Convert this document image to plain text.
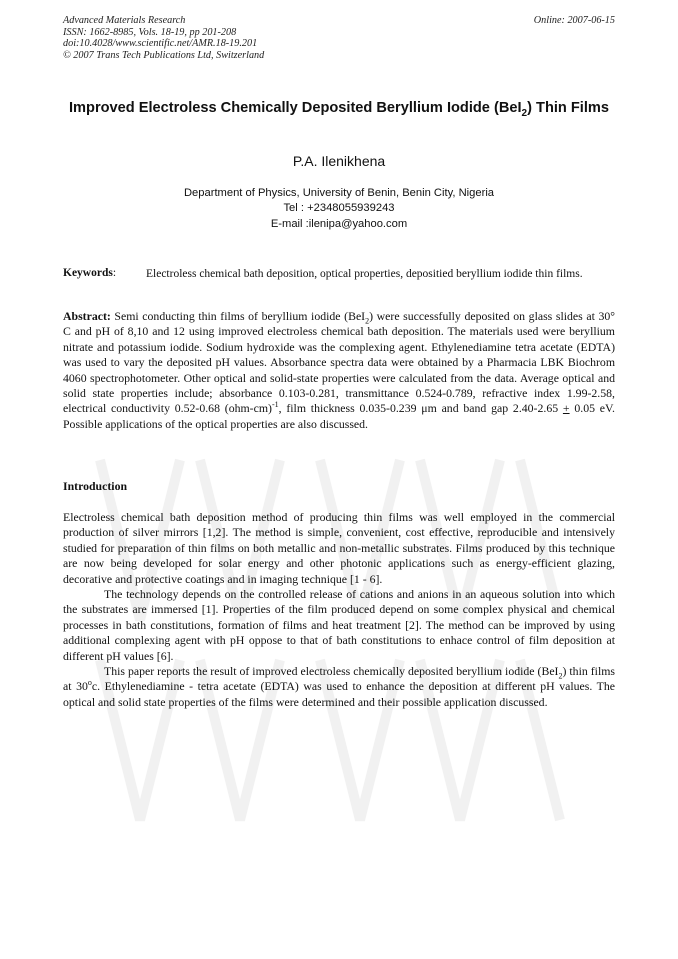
Advanced Materials Research
ISSN: 1662-8985, Vols. 18-19, pp 201-208
doi:10.4028/www.scientific.net/AMR.18-19.201
© 2007 Trans Tech Publications Ltd, Switzerland
Online: 2007-06-15
Improved Electroless Chemically Deposited Beryllium Iodide (BeI$_2$) Thin Films
P.A. Ilenikhena
Department of Physics, University of Benin, Benin City, Nigeria
Tel : +2348055939243
E-mail :ilenipa@yahoo.com
Keywords:	Electroless chemical bath deposition, optical properties, depositied beryllium iodide thin films.
Abstract: Semi conducting thin films of beryllium iodide (BeI$_2$) were successfully deposited on glass slides at 30° C and pH of 8,10 and 12 using improved electroless chemical bath deposition. The materials used were beryllium nitrate and potassium iodide. Sodium hydroxide was the complexing agent. Ethylenediamine tetra acetate (EDTA) was used to vary the deposited pH values. Absorbance spectra data were obtained by a Pharmacia LBK Biochrom 4060 spectrophotometer. Other optical and solid-state properties were calculated from the data. Average optical and solid state properties include; absorbance 0.103-0.281, transmittance 0.524-0.789, refractive index 1.99-2.58, electrical conductivity 0.52-0.68 $(ohm-cm)^{-1}$, film thickness 0.035-0.239 μm and band gap 2.40-2.65 + 0.05 eV. Possible applications of the optical properties are also discussed.
Introduction

Electroless chemical bath deposition method of producing thin films was well employed in the commercial production of silver mirrors [1,2]. The method is simple, convenient, cost effective, reproducible and intensively studied for preparation of thin films on both metallic and non-metallic substrates. Films produced by this technique are now being developed for solar energy and other photonic applications such as energy-efficient glazing, decorative and protective coatings and in imaging technique [1 - 6].

The technology depends on the controlled release of cations and anions in an aqueous solution into which the substrates are immersed [1]. Properties of the film produced depend on some complex physical and chemical processes in bath constitutions, formation of films and heat treatment [2]. The method can be improved by using additional complexing agent with pH oppose to that of bath constitutions to enhace control of film deposition at different pH values [6].

This paper reports the result of improved electroless chemically deposited beryllium iodide (BeI$_2$) thin films at 30$^o$c. Ethylenediamine - tetra acetate (EDTA) was used to enhance the deposition at different pH values. The optical and solid state properties of the films were determined and their possible application discussed.
